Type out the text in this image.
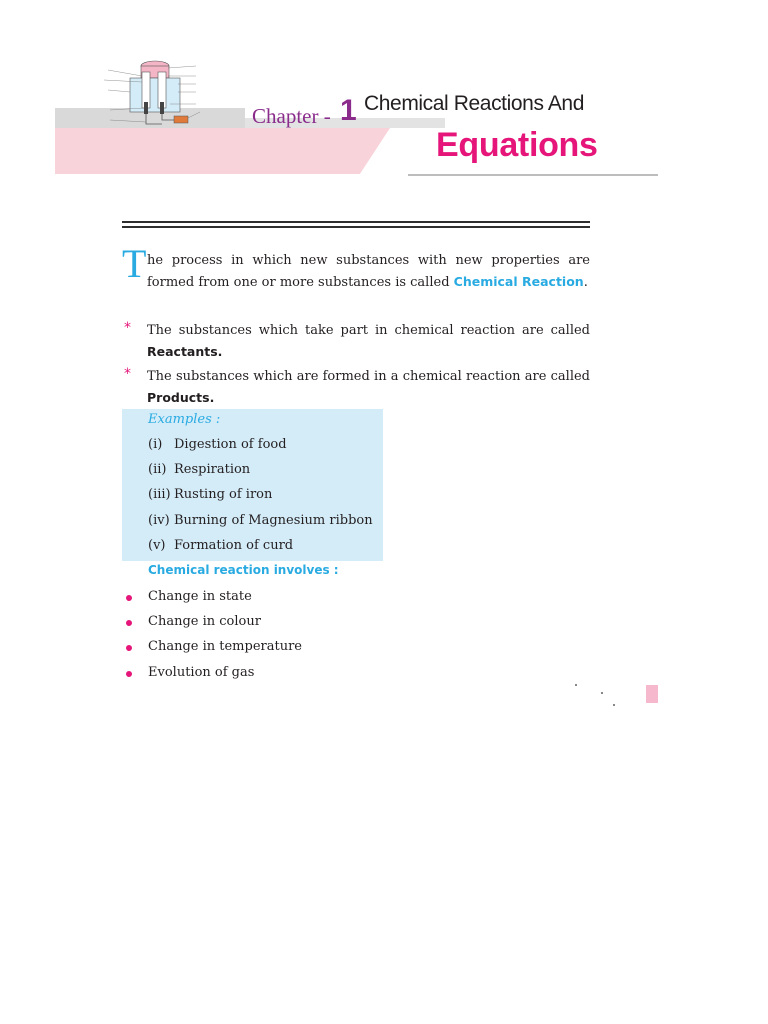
Chapter - 1 Chemical Reactions And
Equations
T he process in which new substances with new properties are formed from one or more substances is called Chemical Reaction.
* The substances which take part in chemical reaction are called Reactants.
* The substances which are formed in a chemical reaction are called Products.
Examples :
(i) Digestion of food
(ii) Respiration
(iii) Rusting of iron
(iv) Burning of Magnesium ribbon
(v) Formation of curd
Chemical reaction involves :
Change in state
Change in colour
Change in temperature
Evolution of gas
